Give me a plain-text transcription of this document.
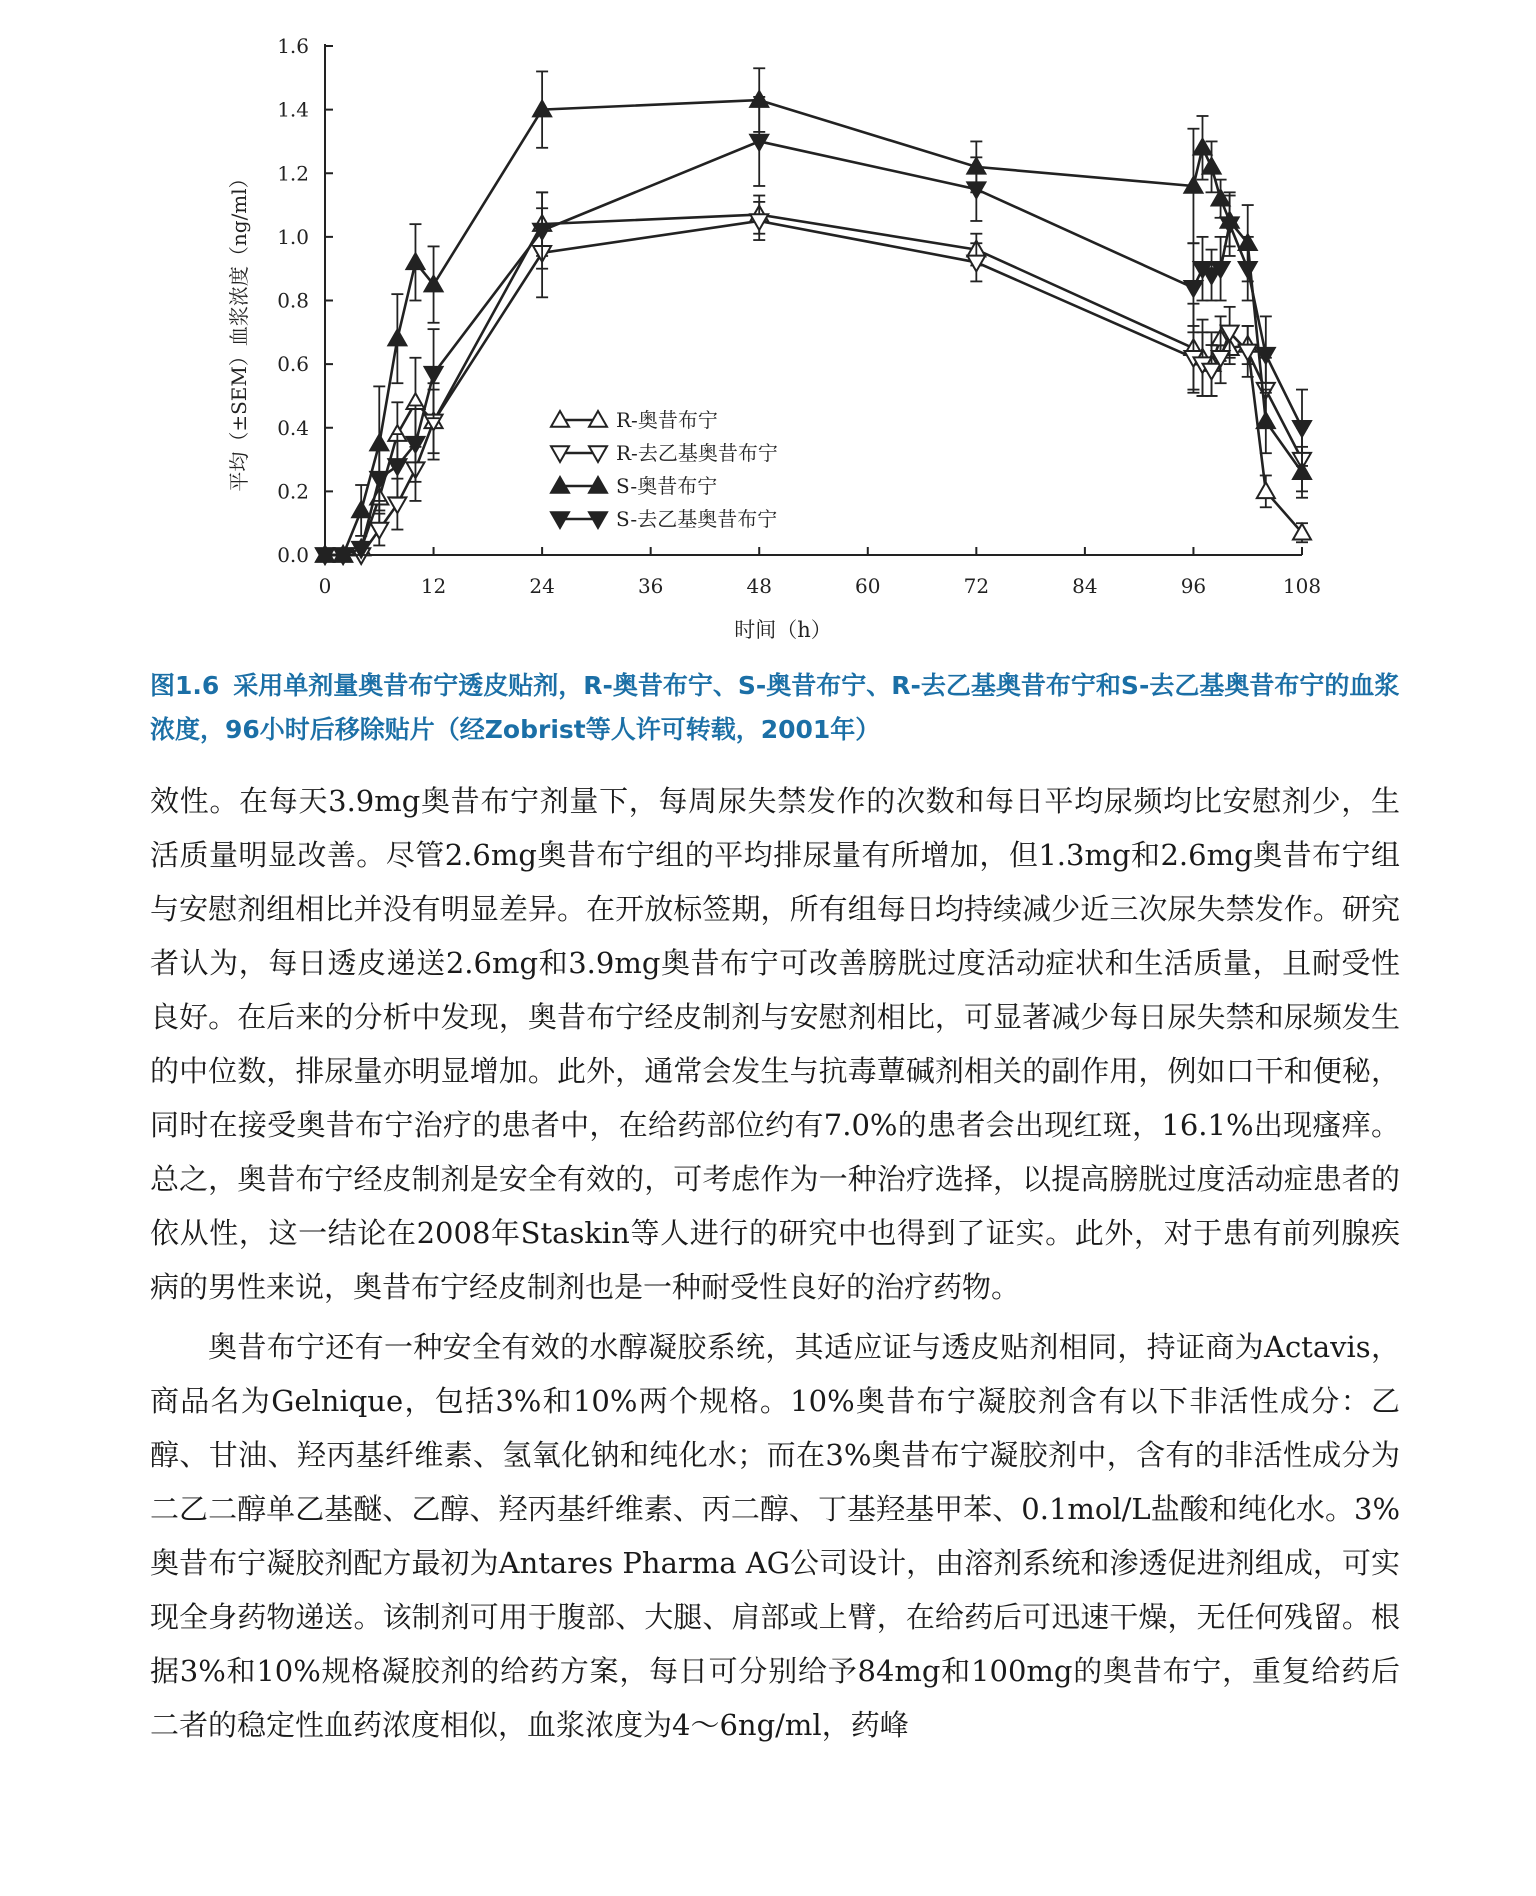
0.0
0.2
0.4
0.6
0.8
1.0
1.2
1.4
1.6
0	12	24	36	48	60	72	84	96	108
平均（±SEM）血浆浓度（ng/ml）
时间（h）
R-奥昔布宁
R-去乙基奥昔布宁
S-奥昔布宁
S-去乙基奥昔布宁
图1.6 采用单剂量奥昔布宁透皮贴剂，R-奥昔布宁、S-奥昔布宁、R-去乙基奥昔布宁和S-去乙基奥昔布宁的血浆浓度，96小时后移除贴片（经Zobrist等人许可转载，2001年）

效性。在每天3.9mg奥昔布宁剂量下，每周尿失禁发作的次数和每日平均尿频均比安慰剂少，生活质量明显改善。尽管2.6mg奥昔布宁组的平均排尿量有所增加，但1.3mg和2.6mg奥昔布宁组与安慰剂组相比并没有明显差异。在开放标签期，所有组每日均持续减少近三次尿失禁发作。研究者认为，每日透皮递送2.6mg和3.9mg奥昔布宁可改善膀胱过度活动症状和生活质量，且耐受性良好。在后来的分析中发现，奥昔布宁经皮制剂与安慰剂相比，可显著减少每日尿失禁和尿频发生的中位数，排尿量亦明显增加。此外，通常会发生与抗毒蕈碱剂相关的副作用，例如口干和便秘，同时在接受奥昔布宁治疗的患者中，在给药部位约有7.0%的患者会出现红斑，16.1%出现瘙痒。总之，奥昔布宁经皮制剂是安全有效的，可考虑作为一种治疗选择，以提高膀胱过度活动症患者的依从性，这一结论在2008年Staskin等人进行的研究中也得到了证实。此外，对于患有前列腺疾病的男性来说，奥昔布宁经皮制剂也是一种耐受性良好的治疗药物。

奥昔布宁还有一种安全有效的水醇凝胶系统，其适应证与透皮贴剂相同，持证商为Actavis，商品名为Gelnique，包括3%和10%两个规格。10%奥昔布宁凝胶剂含有以下非活性成分：乙醇、甘油、羟丙基纤维素、氢氧化钠和纯化水；而在3%奥昔布宁凝胶剂中，含有的非活性成分为二乙二醇单乙基醚、乙醇、羟丙基纤维素、丙二醇、丁基羟基甲苯、0.1mol/L盐酸和纯化水。3%奥昔布宁凝胶剂配方最初为Antares Pharma AG公司设计，由溶剂系统和渗透促进剂组成，可实现全身药物递送。该制剂可用于腹部、大腿、肩部或上臂，在给药后可迅速干燥，无任何残留。根据3%和10%规格凝胶剂的给药方案，每日可分别给予84mg和100mg的奥昔布宁，重复给药后二者的稳定性血药浓度相似，血浆浓度为4～6ng/ml，药峰
